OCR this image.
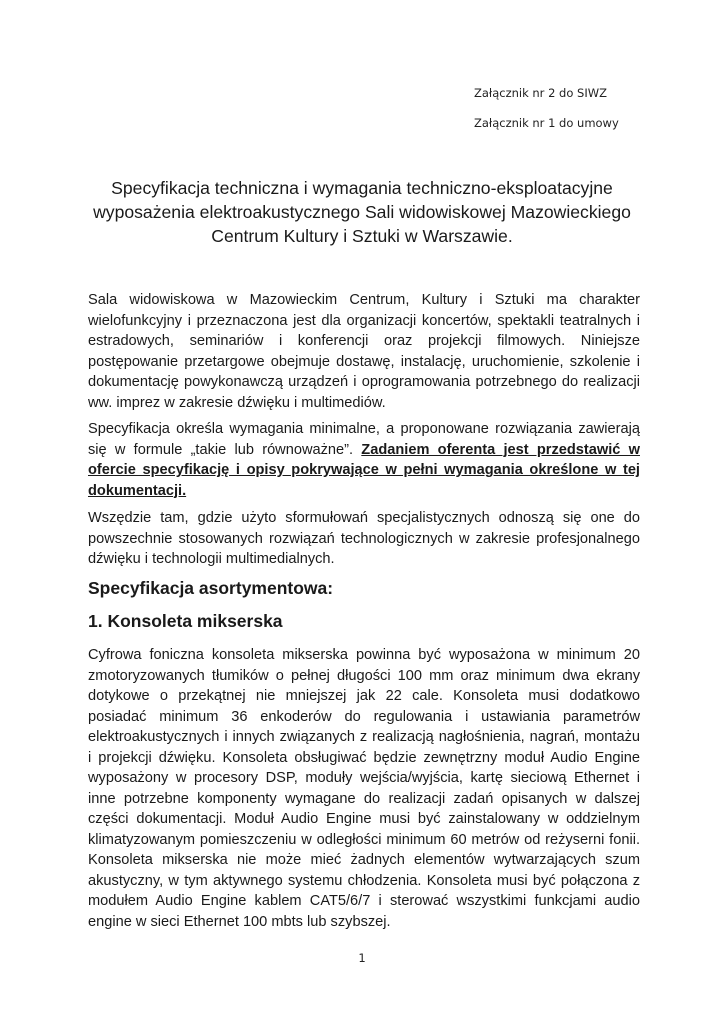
Załącznik nr 2 do SIWZ
Załącznik nr 1 do umowy
Specyfikacja techniczna i wymagania techniczno-eksploatacyjne wyposażenia elektroakustycznego Sali widowiskowej Mazowieckiego Centrum Kultury i Sztuki w Warszawie.
Sala widowiskowa w Mazowieckim Centrum, Kultury i Sztuki ma charakter wielofunkcyjny i przeznaczona jest dla organizacji koncertów, spektakli teatralnych i estradowych, seminariów i konferencji oraz projekcji filmowych. Niniejsze postępowanie przetargowe obejmuje dostawę, instalację, uruchomienie, szkolenie i dokumentację powykonawczą urządzeń i oprogramowania potrzebnego do realizacji ww. imprez w zakresie dźwięku i multimediów.
Specyfikacja określa wymagania minimalne, a proponowane rozwiązania zawierają się w formule „takie lub równoważne”. Zadaniem oferenta jest przedstawić w ofercie specyfikację i opisy pokrywające w pełni wymagania określone w tej dokumentacji.
Wszędzie tam, gdzie użyto sformułowań specjalistycznych odnoszą się one do powszechnie stosowanych rozwiązań technologicznych w zakresie profesjonalnego dźwięku i technologii multimedialnych.
Specyfikacja asortymentowa:
1. Konsoleta mikserska
Cyfrowa foniczna konsoleta mikserska powinna być wyposażona w minimum 20 zmotoryzowanych tłumików o pełnej długości 100 mm oraz minimum dwa ekrany dotykowe o przekątnej nie mniejszej jak 22 cale. Konsoleta musi dodatkowo posiadać minimum 36 enkoderów do regulowania i ustawiania parametrów elektroakustycznych i innych związanych z realizacją nagłośnienia, nagrań, montażu i projekcji dźwięku. Konsoleta obsługiwać będzie zewnętrzny moduł Audio Engine wyposażony w procesory DSP, moduły wejścia/wyjścia, kartę sieciową Ethernet i inne potrzebne komponenty wymagane do realizacji zadań opisanych w dalszej części dokumentacji. Moduł Audio Engine musi być zainstalowany w oddzielnym klimatyzowanym pomieszczeniu w odległości minimum 60 metrów od reżyserni fonii. Konsoleta mikserska nie może mieć żadnych elementów wytwarzających szum akustyczny, w tym aktywnego systemu chłodzenia. Konsoleta musi być połączona z modułem Audio Engine kablem CAT5/6/7 i sterować wszystkimi funkcjami audio engine w sieci Ethernet 100 mbts lub szybszej.
1
